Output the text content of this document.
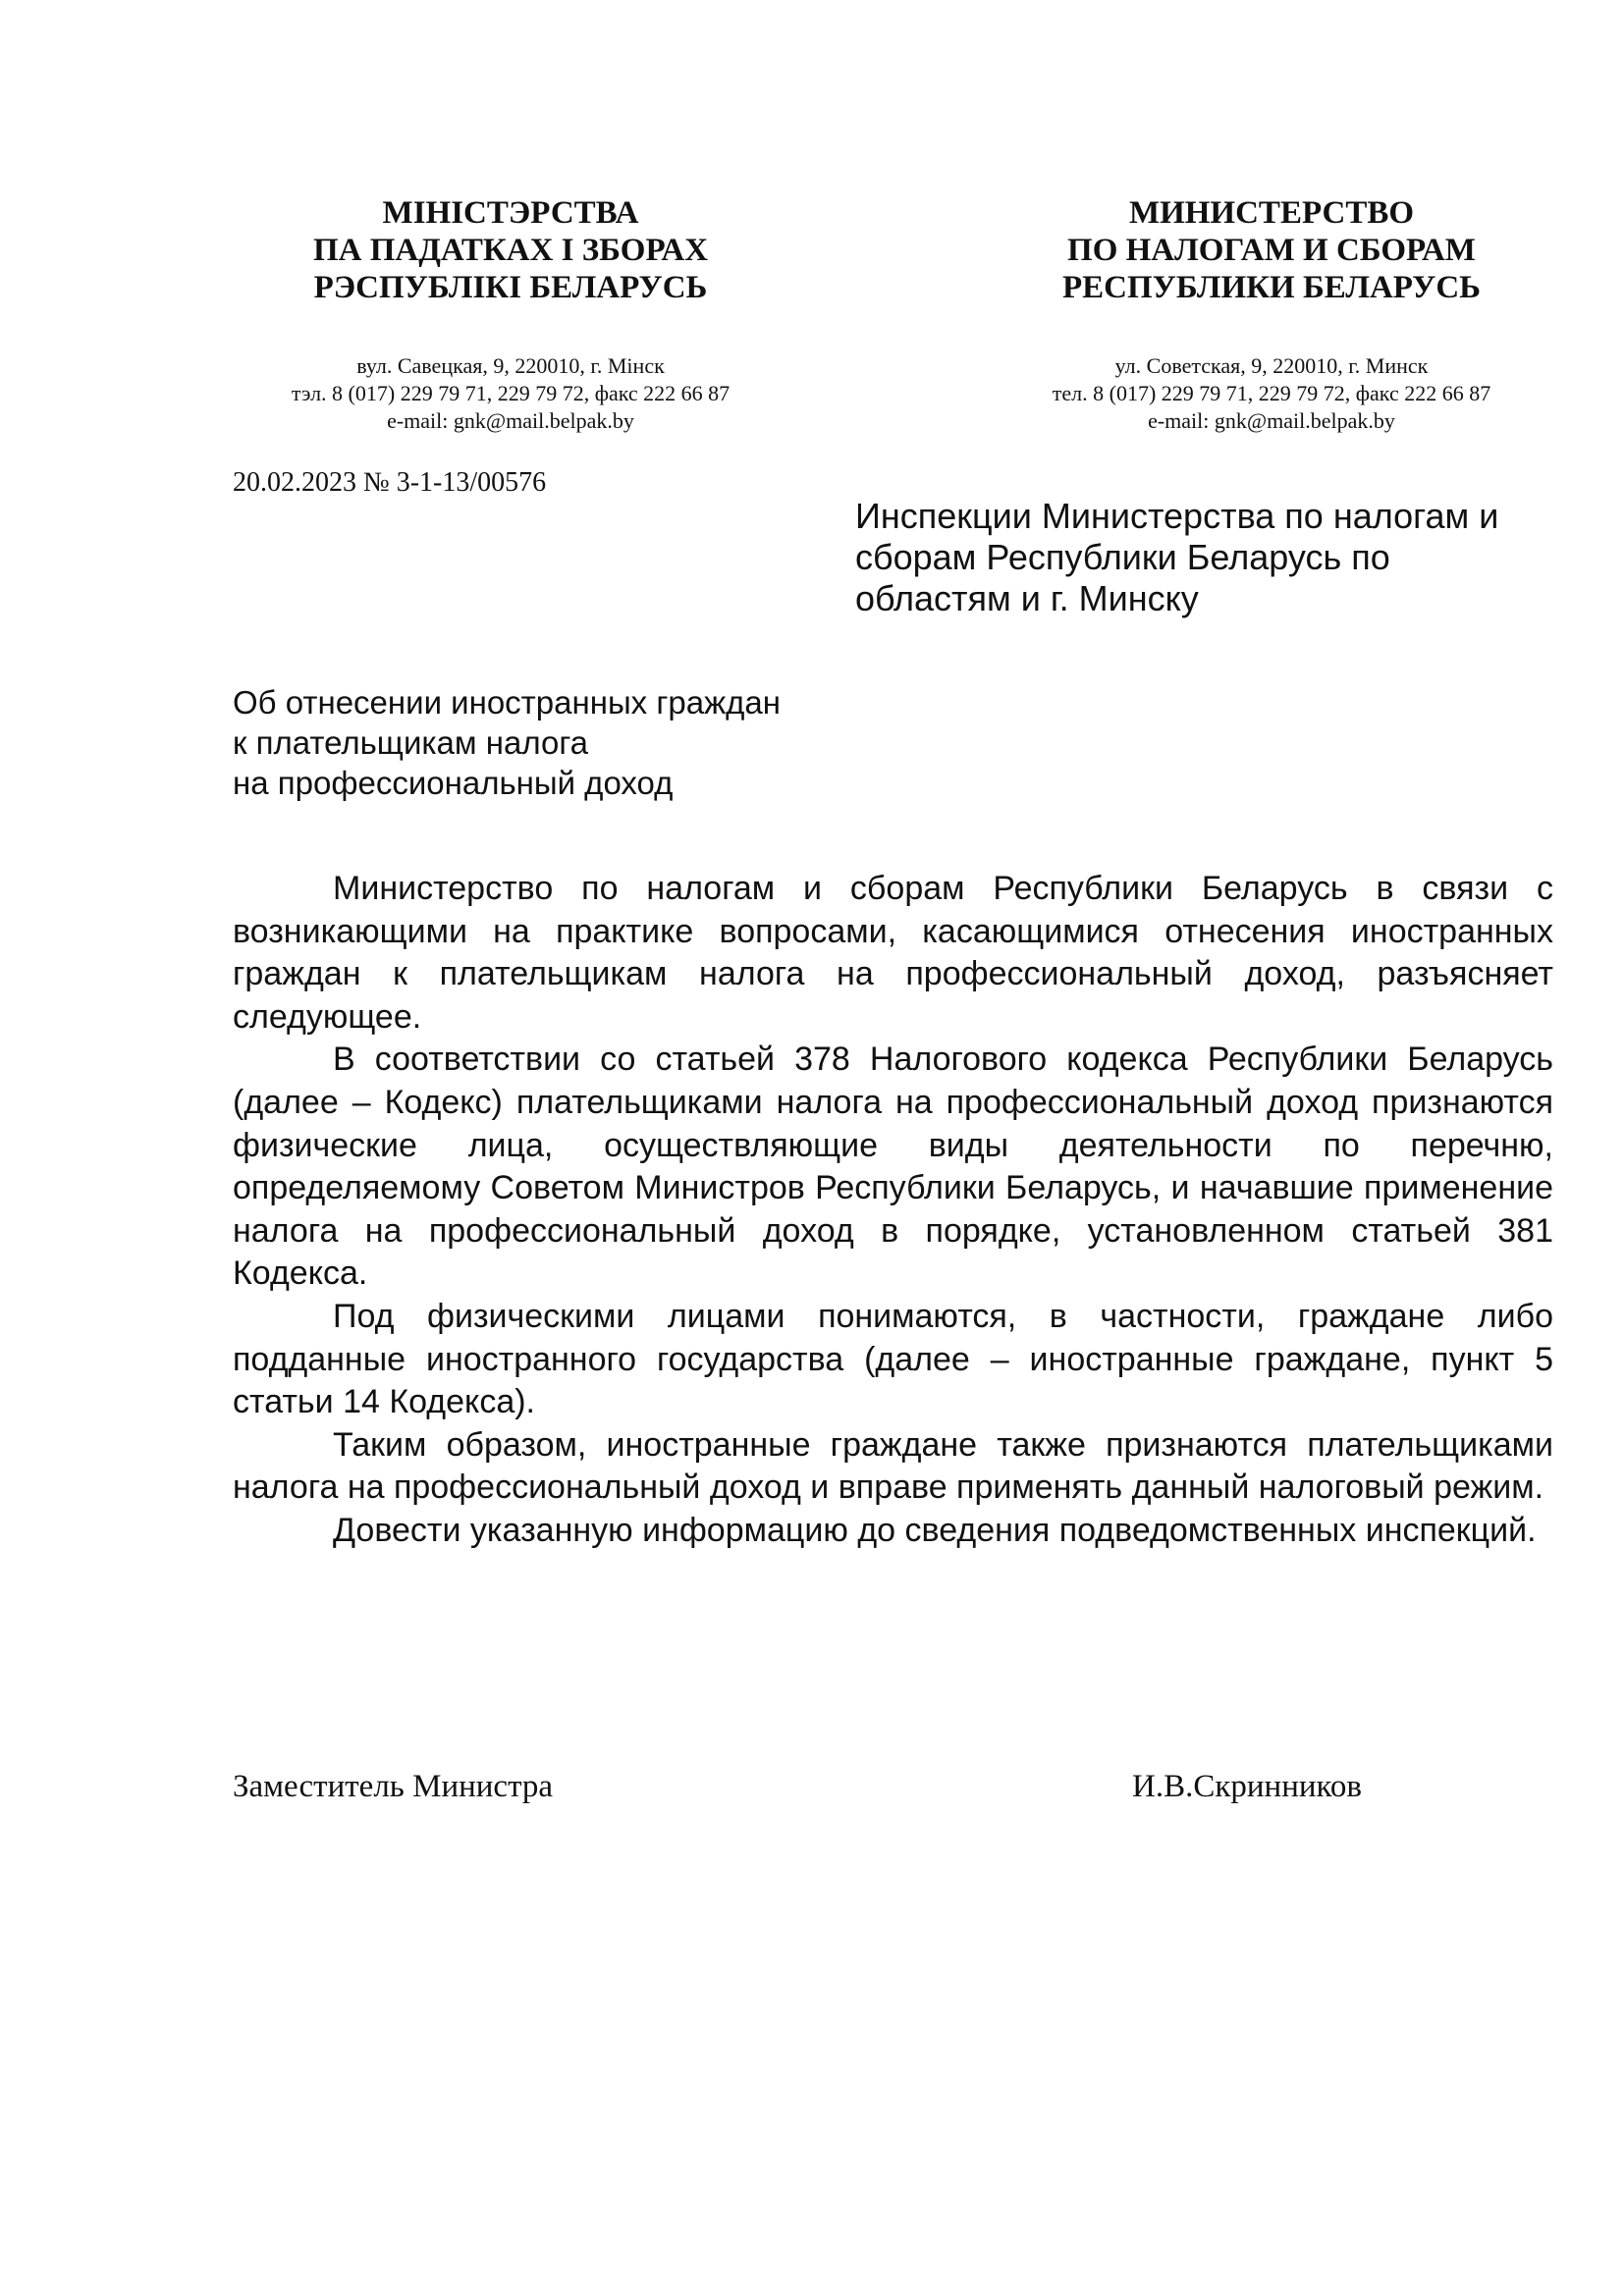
МІНІСТЭРСТВА
ПА ПАДАТКАХ І ЗБОРАХ
РЭСПУБЛІКІ БЕЛАРУСЬ
вул. Савецкая, 9, 220010, г. Мінск
тэл. 8 (017) 229 79 71, 229 79 72, факс 222 66 87
e-mail: gnk@mail.belpak.by
МИНИСТЕРСТВО
ПО НАЛОГАМ И СБОРАМ
РЕСПУБЛИКИ БЕЛАРУСЬ
ул. Советская, 9, 220010, г. Минск
тел. 8 (017) 229 79 71, 229 79 72, факс 222 66 87
e-mail: gnk@mail.belpak.by
20.02.2023 № 3-1-13/00576
Инспекции Министерства по налогам и
сборам Республики Беларусь по
областям и г. Минску
Об отнесении иностранных граждан
к плательщикам налога
на профессиональный доход

Министерство по налогам и сборам Республики Беларусь в связи с возникающими на практике вопросами, касающимися отнесения иностранных граждан к плательщикам налога на профессиональный доход, разъясняет следующее.

В соответствии со статьей 378 Налогового кодекса Республики Беларусь (далее – Кодекс) плательщиками налога на профессиональный доход признаются физические лица, осуществляющие виды деятельности по перечню, определяемому Советом Министров Республики Беларусь, и начавшие применение налога на профессиональный доход в порядке, установленном статьей 381 Кодекса.

Под физическими лицами понимаются, в частности, граждане либо подданные иностранного государства (далее – иностранные граждане, пункт 5 статьи 14 Кодекса).

Таким образом, иностранные граждане также признаются плательщиками налога на профессиональный доход и вправе применять данный налоговый режим.

Довести указанную информацию до сведения подведомственных инспекций.

Заместитель Министра	И.В.Скринников
